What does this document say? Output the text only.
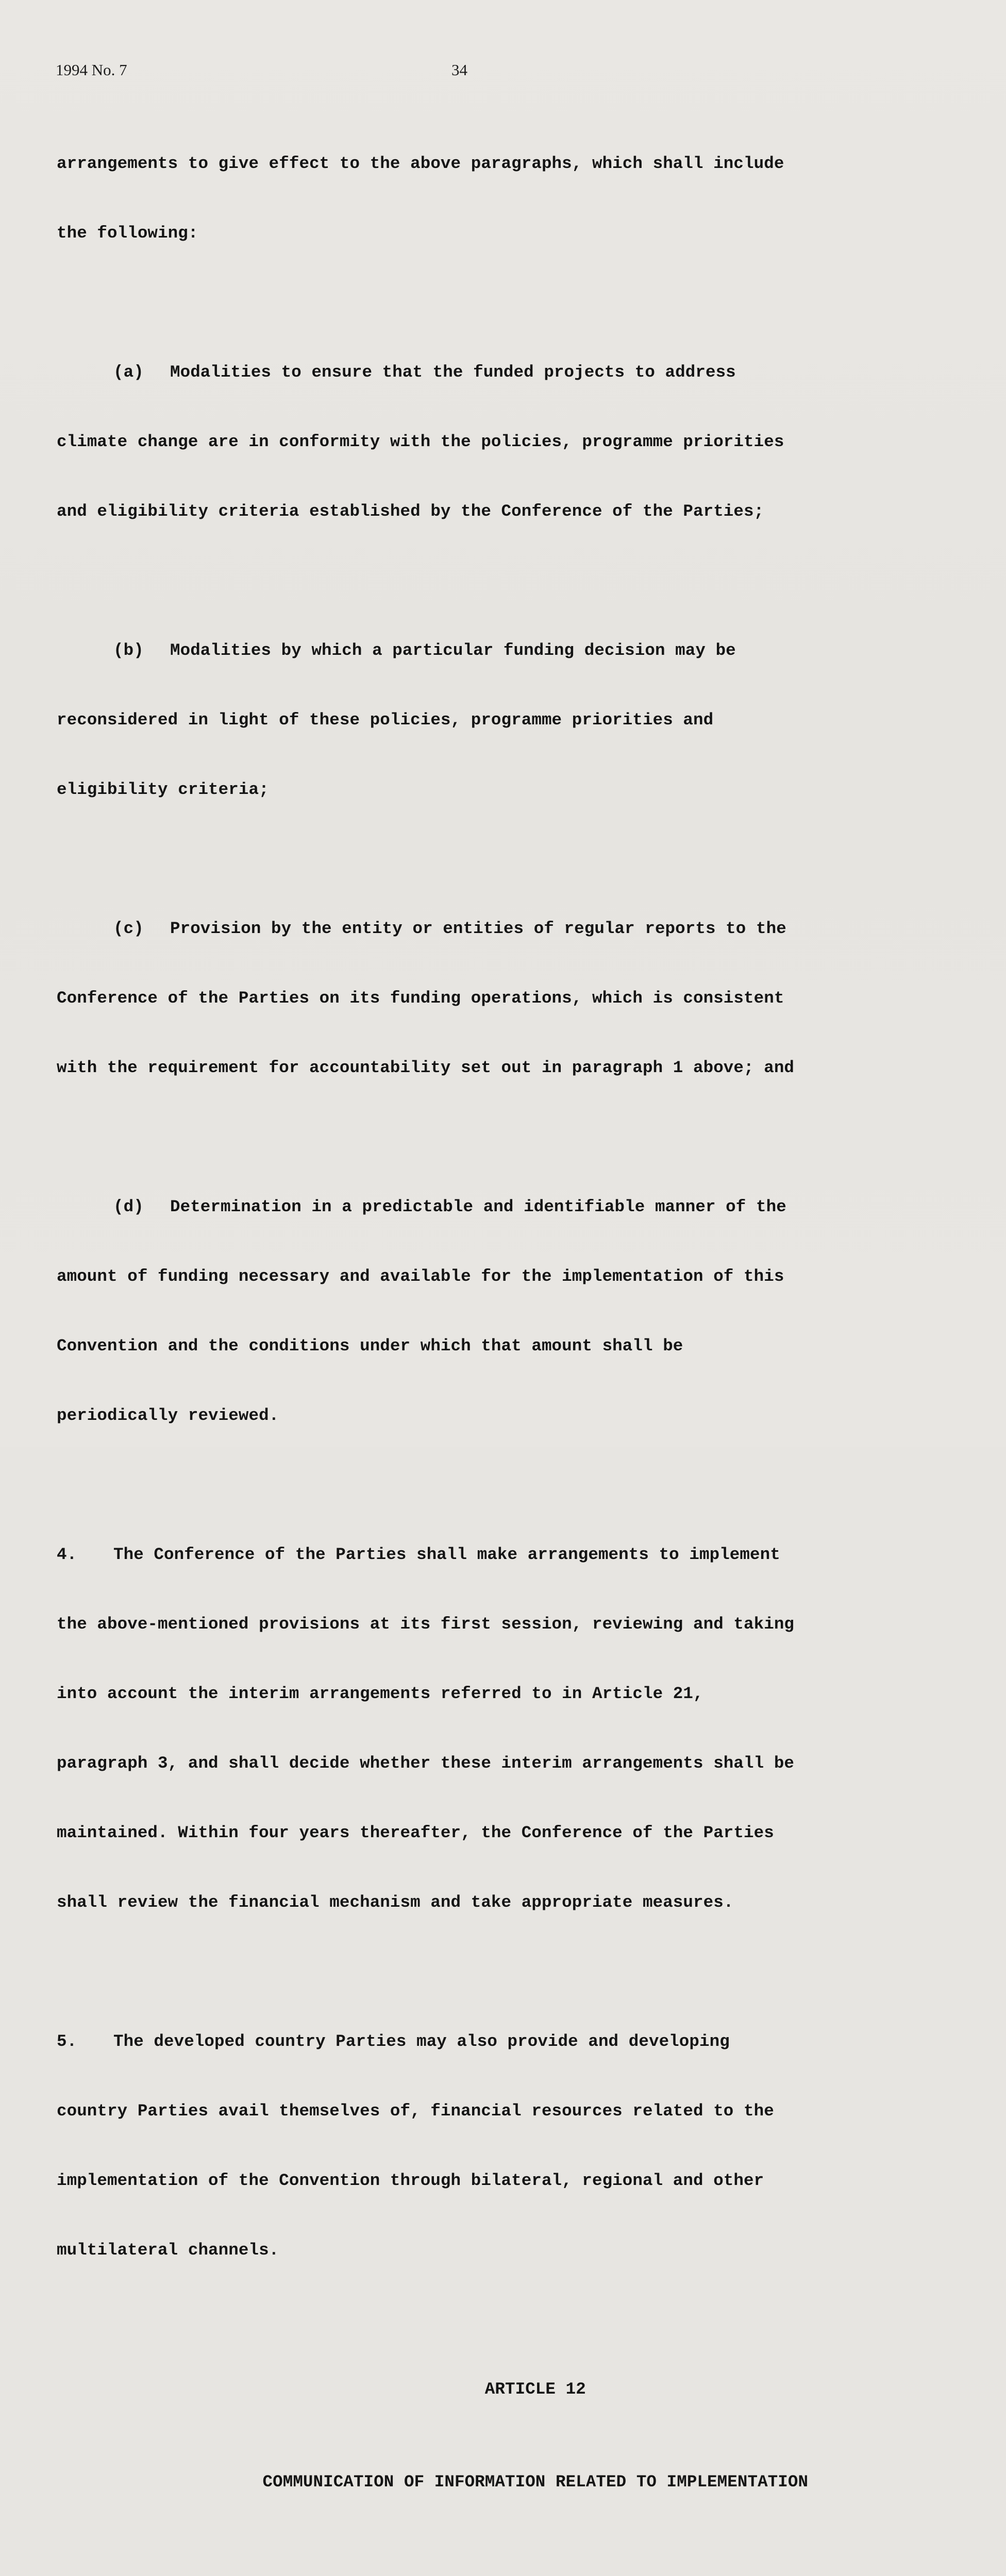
1994 No. 7	34

arrangements to give effect to the above paragraphs, which shall include

the following:

(a) Modalities to ensure that the funded projects to address

climate change are in conformity with the policies, programme priorities

and eligibility criteria established by the Conference of the Parties;

(b) Modalities by which a particular funding decision may be

reconsidered in light of these policies, programme priorities and

eligibility criteria;

(c) Provision by the entity or entities of regular reports to the

Conference of the Parties on its funding operations, which is consistent

with the requirement for accountability set out in paragraph 1 above; and

(d) Determination in a predictable and identifiable manner of the

amount of funding necessary and available for the implementation of this

Convention and the conditions under which that amount shall be

periodically reviewed.

4. The Conference of the Parties shall make arrangements to implement

the above-mentioned provisions at its first session, reviewing and taking

into account the interim arrangements referred to in Article 21,

paragraph 3, and shall decide whether these interim arrangements shall be

maintained. Within four years thereafter, the Conference of the Parties

shall review the financial mechanism and take appropriate measures.

5. The developed country Parties may also provide and developing

country Parties avail themselves of, financial resources related to the

implementation of the Convention through bilateral, regional and other

multilateral channels.

ARTICLE 12

COMMUNICATION OF INFORMATION RELATED TO IMPLEMENTATION
